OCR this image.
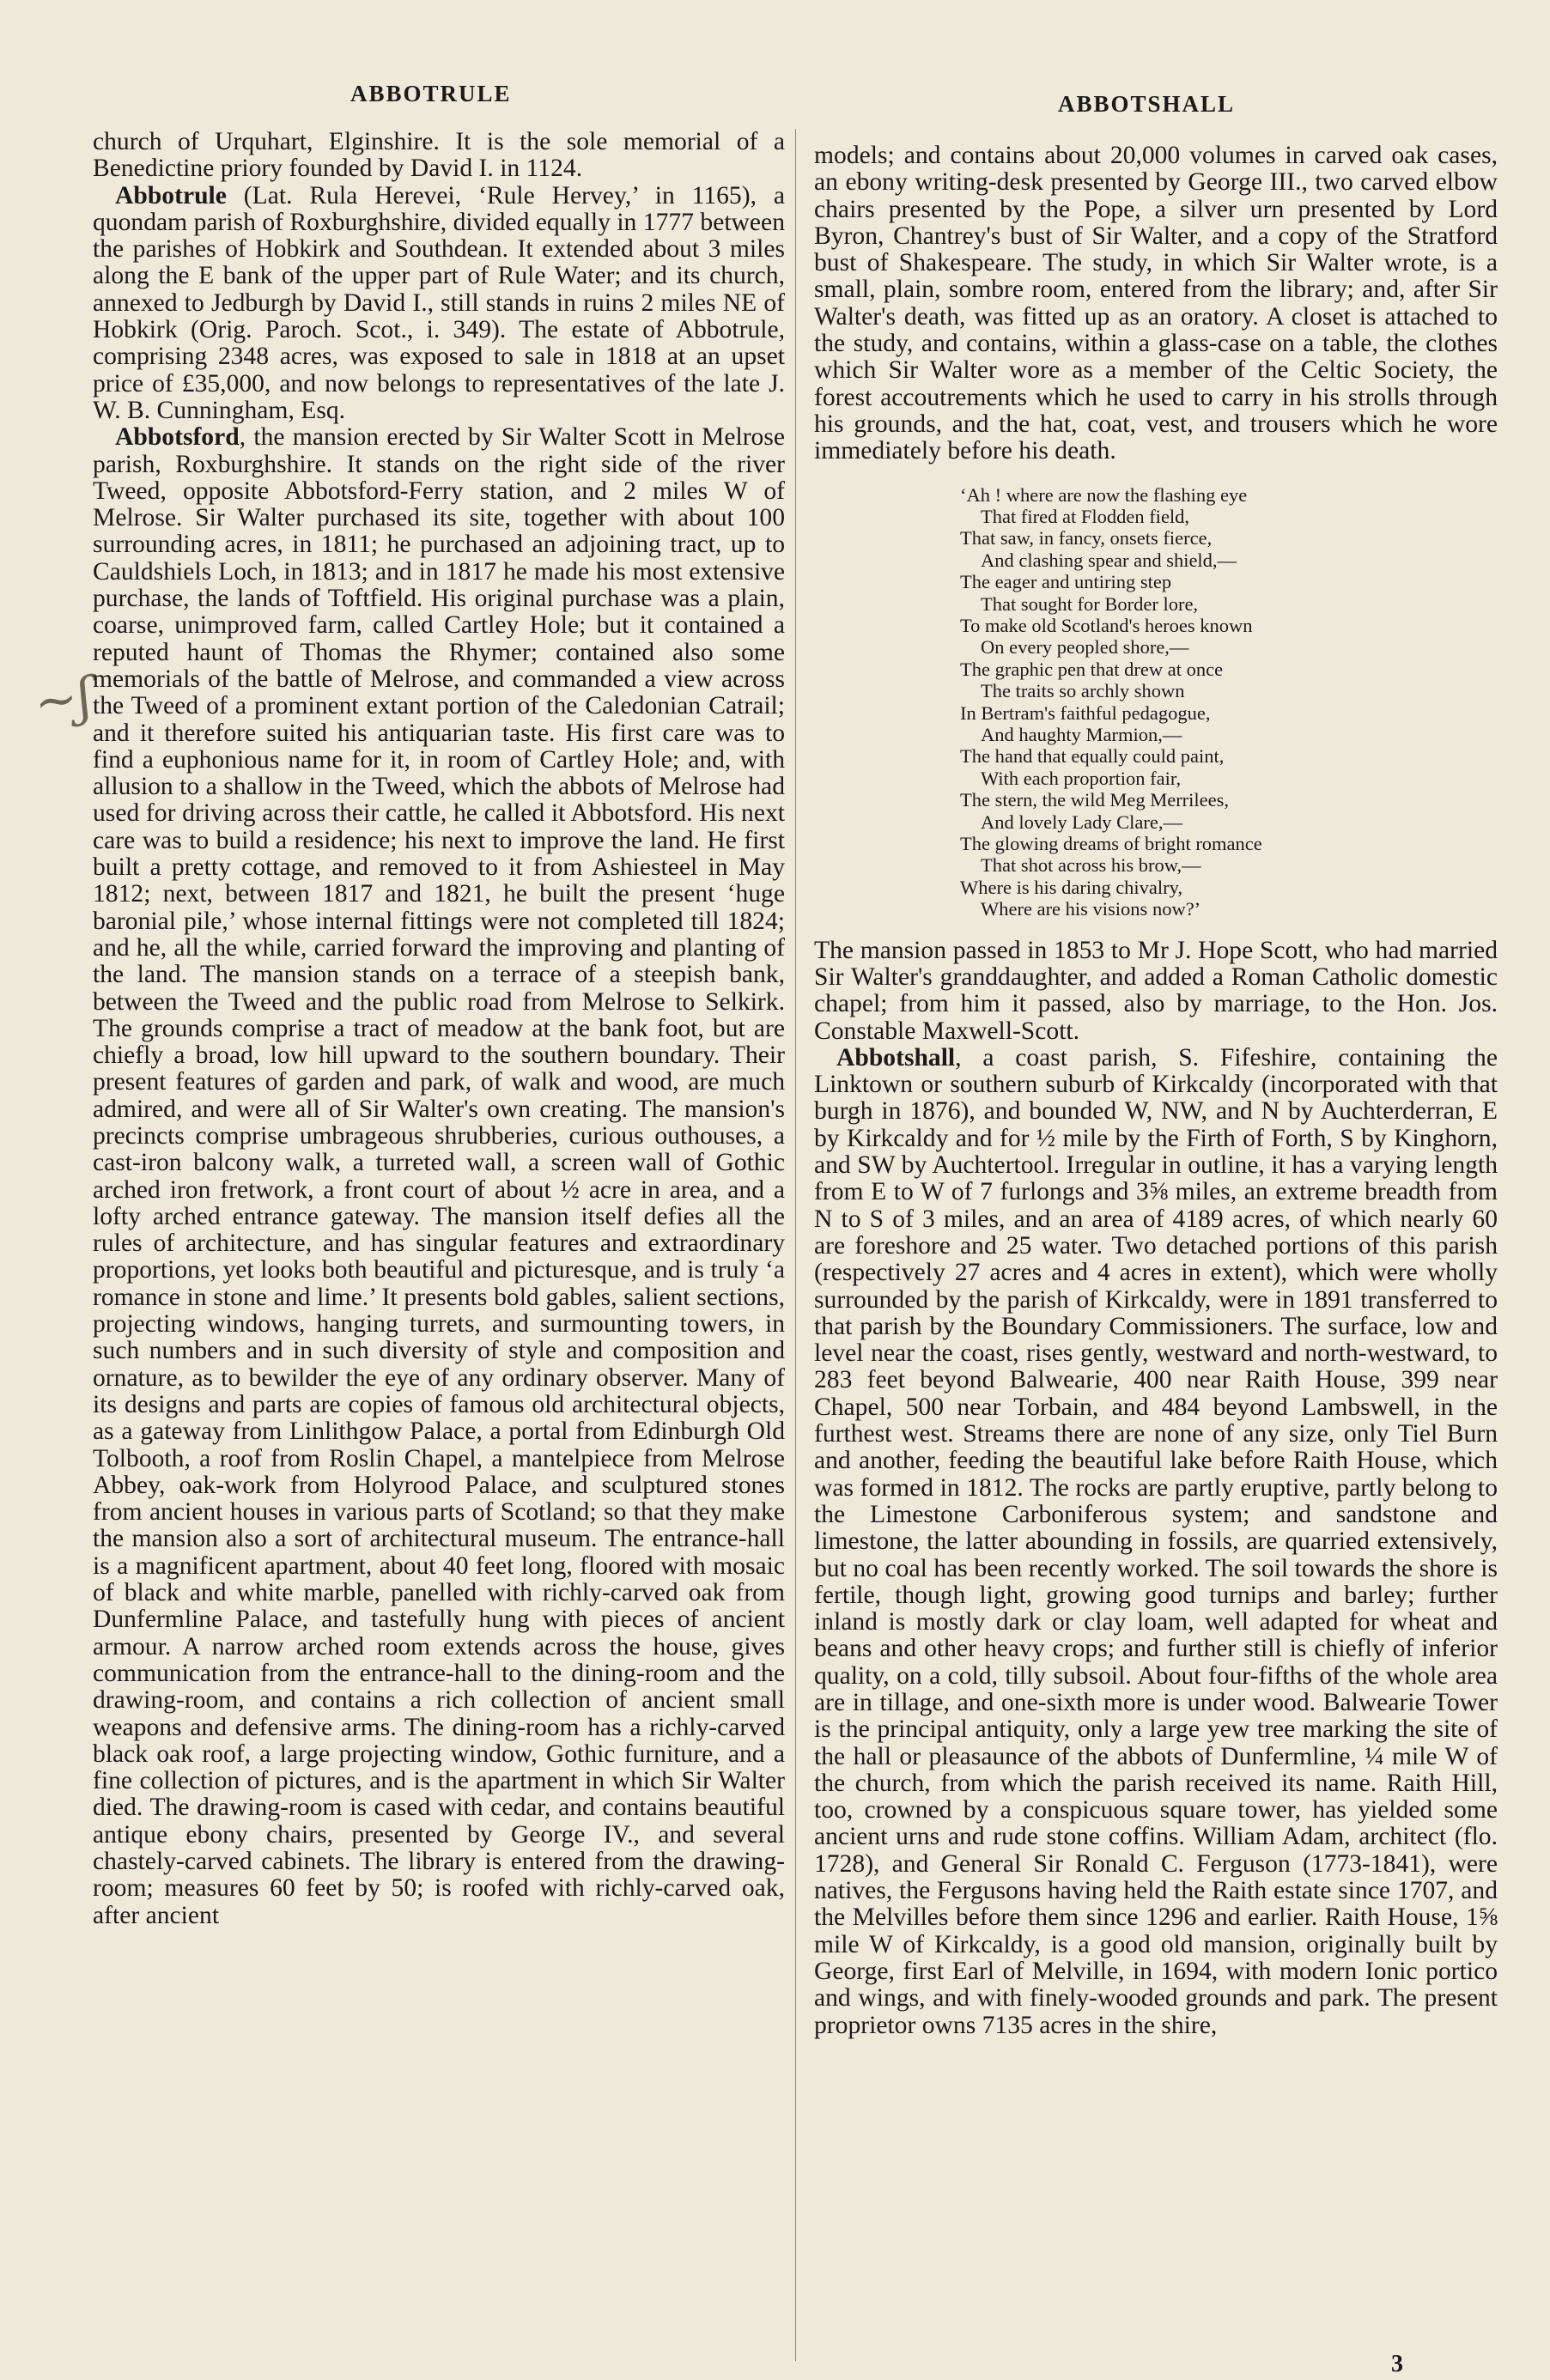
ABBOTRULE	ABBOTSHALL
~ʃ

church of Urquhart, Elginshire. It is the sole memorial of a Benedictine priory founded by David I. in 1124.

Abbotrule (Lat. Rula Herevei, ‘Rule Hervey,’ in 1165), a quondam parish of Roxburghshire, divided equally in 1777 between the parishes of Hobkirk and Southdean. It extended about 3 miles along the E bank of the upper part of Rule Water; and its church, annexed to Jedburgh by David I., still stands in ruins 2 miles NE of Hobkirk (Orig. Paroch. Scot., i. 349). The estate of Abbotrule, comprising 2348 acres, was exposed to sale in 1818 at an upset price of £35,000, and now belongs to representatives of the late J. W. B. Cunningham, Esq.

Abbotsford, the mansion erected by Sir Walter Scott in Melrose parish, Roxburghshire. It stands on the right side of the river Tweed, opposite Abbotsford-Ferry station, and 2 miles W of Melrose. Sir Walter purchased its site, together with about 100 surrounding acres, in 1811; he purchased an adjoining tract, up to Cauldshiels Loch, in 1813; and in 1817 he made his most extensive purchase, the lands of Toftfield. His original purchase was a plain, coarse, unimproved farm, called Cartley Hole; but it contained a reputed haunt of Thomas the Rhymer; contained also some memorials of the battle of Melrose, and commanded a view across the Tweed of a prominent extant portion of the Caledonian Catrail; and it therefore suited his antiquarian taste. His first care was to find a euphonious name for it, in room of Cartley Hole; and, with allusion to a shallow in the Tweed, which the abbots of Melrose had used for driving across their cattle, he called it Abbotsford. His next care was to build a residence; his next to improve the land. He first built a pretty cottage, and removed to it from Ashiesteel in May 1812; next, between 1817 and 1821, he built the present ‘huge baronial pile,’ whose internal fittings were not completed till 1824; and he, all the while, carried forward the improving and planting of the land. The mansion stands on a terrace of a steepish bank, between the Tweed and the public road from Melrose to Selkirk. The grounds comprise a tract of meadow at the bank foot, but are chiefly a broad, low hill upward to the southern boundary. Their present features of garden and park, of walk and wood, are much admired, and were all of Sir Walter's own creating. The mansion's precincts comprise umbrageous shrubberies, curious outhouses, a cast-iron balcony walk, a turreted wall, a screen wall of Gothic arched iron fretwork, a front court of about ½ acre in area, and a lofty arched entrance gateway. The mansion itself defies all the rules of architecture, and has singular features and extraordinary proportions, yet looks both beautiful and picturesque, and is truly ‘a romance in stone and lime.’ It presents bold gables, salient sections, projecting windows, hanging turrets, and surmounting towers, in such numbers and in such diversity of style and composition and ornature, as to bewilder the eye of any ordinary observer. Many of its designs and parts are copies of famous old architectural objects, as a gateway from Linlithgow Palace, a portal from Edinburgh Old Tolbooth, a roof from Roslin Chapel, a mantelpiece from Melrose Abbey, oak-work from Holyrood Palace, and sculptured stones from ancient houses in various parts of Scotland; so that they make the mansion also a sort of architectural museum. The entrance-hall is a magnificent apartment, about 40 feet long, floored with mosaic of black and white marble, panelled with richly-carved oak from Dunfermline Palace, and tastefully hung with pieces of ancient armour. A narrow arched room extends across the house, gives communication from the entrance-hall to the dining-room and the drawing-room, and contains a rich collection of ancient small weapons and defensive arms. The dining-room has a richly-carved black oak roof, a large projecting window, Gothic furniture, and a fine collection of pictures, and is the apartment in which Sir Walter died. The drawing-room is cased with cedar, and contains beautiful antique ebony chairs, presented by George IV., and several chastely-carved cabinets. The library is entered from the drawing-room; measures 60 feet by 50; is roofed with richly-carved oak, after ancient

models; and contains about 20,000 volumes in carved oak cases, an ebony writing-desk presented by George III., two carved elbow chairs presented by the Pope, a silver urn presented by Lord Byron, Chantrey's bust of Sir Walter, and a copy of the Stratford bust of Shakespeare. The study, in which Sir Walter wrote, is a small, plain, sombre room, entered from the library; and, after Sir Walter's death, was fitted up as an oratory. A closet is attached to the study, and contains, within a glass-case on a table, the clothes which Sir Walter wore as a member of the Celtic Society, the forest accoutrements which he used to carry in his strolls through his grounds, and the hat, coat, vest, and trousers which he wore immediately before his death.

‘Ah ! where are now the flashing eye
That fired at Flodden field,
That saw, in fancy, onsets fierce,
And clashing spear and shield,—
The eager and untiring step
That sought for Border lore,
To make old Scotland's heroes known
On every peopled shore,—
The graphic pen that drew at once
The traits so archly shown
In Bertram's faithful pedagogue,
And haughty Marmion,—
The hand that equally could paint,
With each proportion fair,
The stern, the wild Meg Merrilees,
And lovely Lady Clare,—
The glowing dreams of bright romance
That shot across his brow,—
Where is his daring chivalry,
Where are his visions now?’

The mansion passed in 1853 to Mr J. Hope Scott, who had married Sir Walter's granddaughter, and added a Roman Catholic domestic chapel; from him it passed, also by marriage, to the Hon. Jos. Constable Maxwell-Scott.

Abbotshall, a coast parish, S. Fifeshire, containing the Linktown or southern suburb of Kirkcaldy (incorporated with that burgh in 1876), and bounded W, NW, and N by Auchterderran, E by Kirkcaldy and for ½ mile by the Firth of Forth, S by Kinghorn, and SW by Auchtertool. Irregular in outline, it has a varying length from E to W of 7 furlongs and 3⅝ miles, an extreme breadth from N to S of 3 miles, and an area of 4189 acres, of which nearly 60 are foreshore and 25 water. Two detached portions of this parish (respectively 27 acres and 4 acres in extent), which were wholly surrounded by the parish of Kirkcaldy, were in 1891 transferred to that parish by the Boundary Commissioners. The surface, low and level near the coast, rises gently, westward and north-westward, to 283 feet beyond Balwearie, 400 near Raith House, 399 near Chapel, 500 near Torbain, and 484 beyond Lambswell, in the furthest west. Streams there are none of any size, only Tiel Burn and another, feeding the beautiful lake before Raith House, which was formed in 1812. The rocks are partly eruptive, partly belong to the Limestone Carboniferous system; and sandstone and limestone, the latter abounding in fossils, are quarried extensively, but no coal has been recently worked. The soil towards the shore is fertile, though light, growing good turnips and barley; further inland is mostly dark or clay loam, well adapted for wheat and beans and other heavy crops; and further still is chiefly of inferior quality, on a cold, tilly subsoil. About four-fifths of the whole area are in tillage, and one-sixth more is under wood. Balwearie Tower is the principal antiquity, only a large yew tree marking the site of the hall or pleasaunce of the abbots of Dunfermline, ¼ mile W of the church, from which the parish received its name. Raith Hill, too, crowned by a conspicuous square tower, has yielded some ancient urns and rude stone coffins. William Adam, architect (flo. 1728), and General Sir Ronald C. Ferguson (1773-1841), were natives, the Fergusons having held the Raith estate since 1707, and the Melvilles before them since 1296 and earlier. Raith House, 1⅝ mile W of Kirkcaldy, is a good old mansion, originally built by George, first Earl of Melville, in 1694, with modern Ionic portico and wings, and with finely-wooded grounds and park. The present proprietor owns 7135 acres in the shire,

3
